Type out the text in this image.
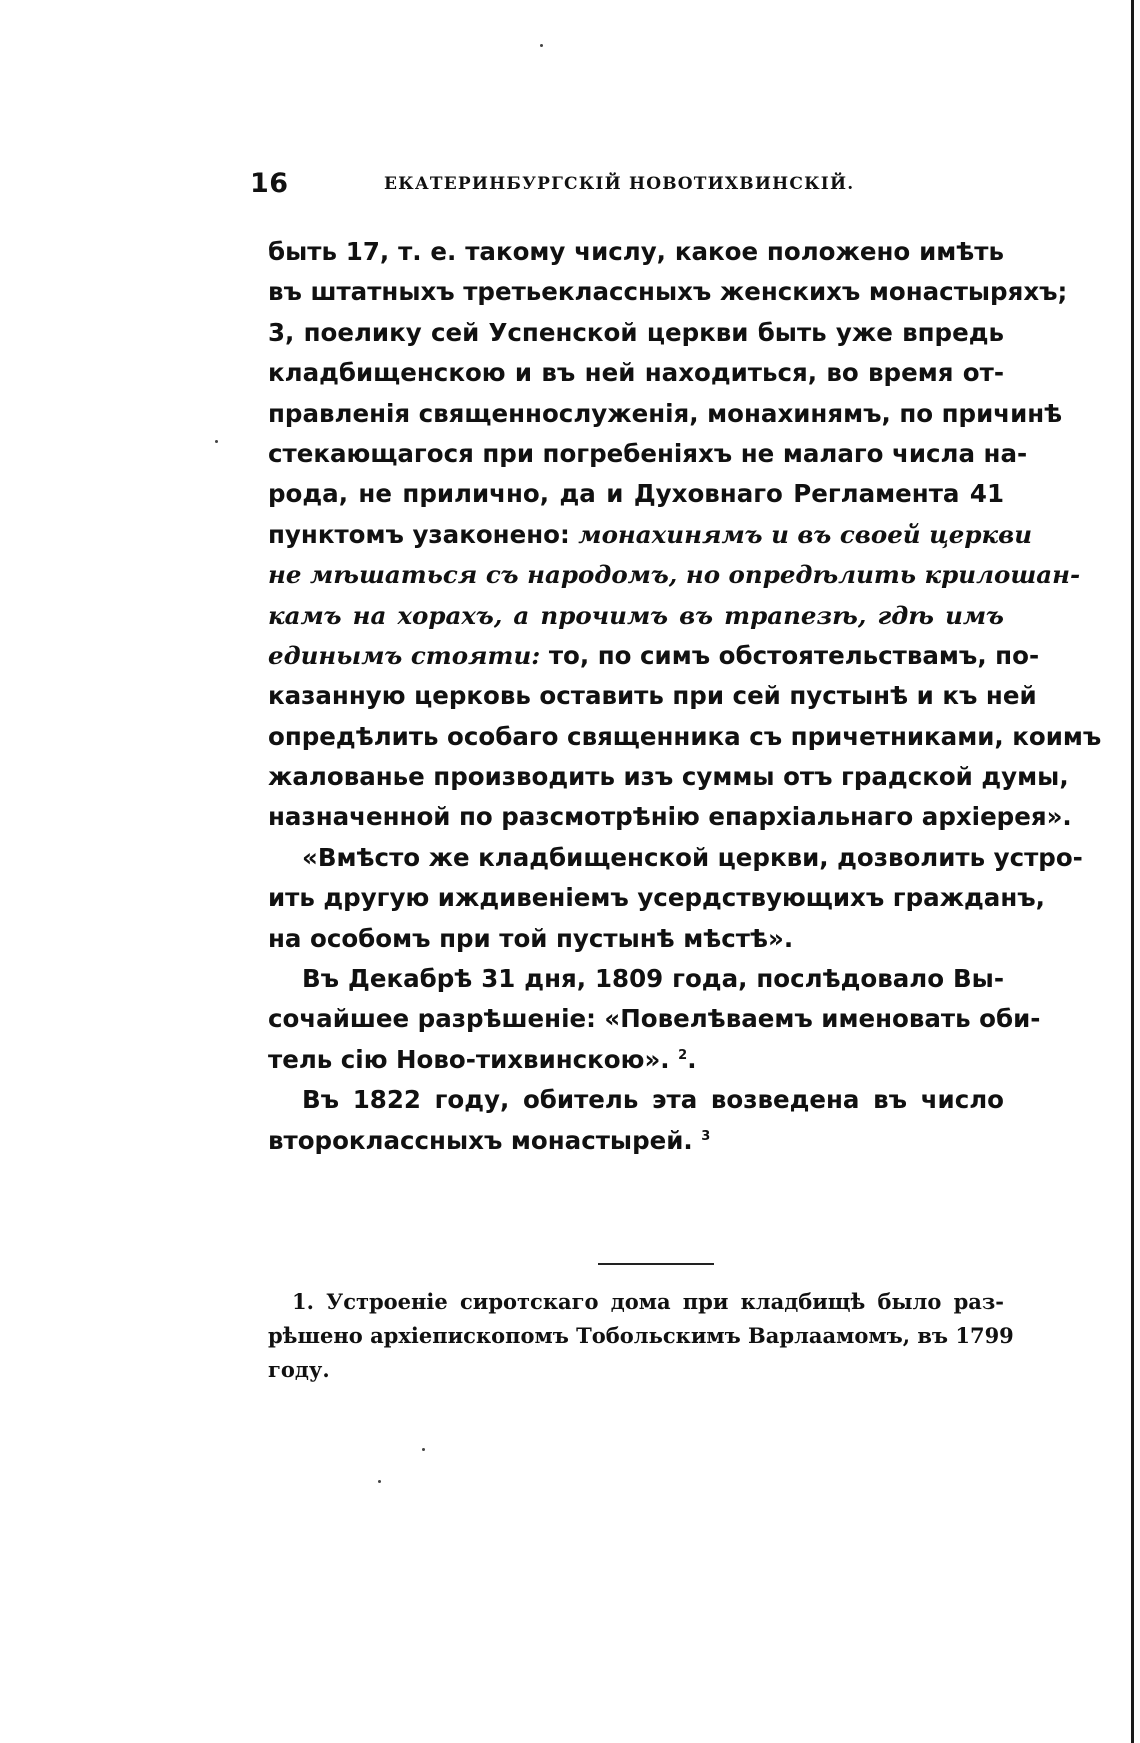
16	ЕКАТЕРИНБУРГСКІЙ НОВОТИХВИНСКІЙ.
быть 17, т. е. такому числу, какое положено имѣть
въ штатныхъ третьеклассныхъ женскихъ монастыряхъ;
3, поелику сей Успенской церкви быть уже впредь
кладбищенскою и въ ней находиться, во время от-
правленія священнослуженія, монахинямъ, по причинѣ
стекающагося при погребеніяхъ не малаго числа на-
рода, не прилично, да и Духовнаго Регламента 41
пунктомъ узаконено: монахинямъ и въ своей церкви
не мѣшаться съ народомъ, но опредѣлить крилошан-
камъ на хорахъ, а прочимъ въ трапезѣ, гдѣ имъ
единымъ стояти: то, по симъ обстоятельствамъ, по-
казанную церковь оставить при сей пустынѣ и къ ней
опредѣлить особаго священника съ причетниками, коимъ
жалованье производить изъ суммы отъ градской думы,
назначенной по разсмотрѣнію епархіальнаго архіерея».
«Вмѣсто же кладбищенской церкви, дозволить устро-
ить другую иждивеніемъ усердствующихъ гражданъ,
на особомъ при той пустынѣ мѣстѣ».
Въ Декабрѣ 31 дня, 1809 года, послѣдовало Вы-
сочайшее разрѣшеніе: «Повелѣваемъ именовать оби-
тель сію Ново-тихвинскою». $^2$.
Въ 1822 году, обитель эта возведена въ число
второклассныхъ монастырей. $^3$
1. Устроеніе сиротскаго дома при кладбищѣ было раз-
рѣшено архіепископомъ Тобольскимъ Варлаамомъ, въ 1799
году.
